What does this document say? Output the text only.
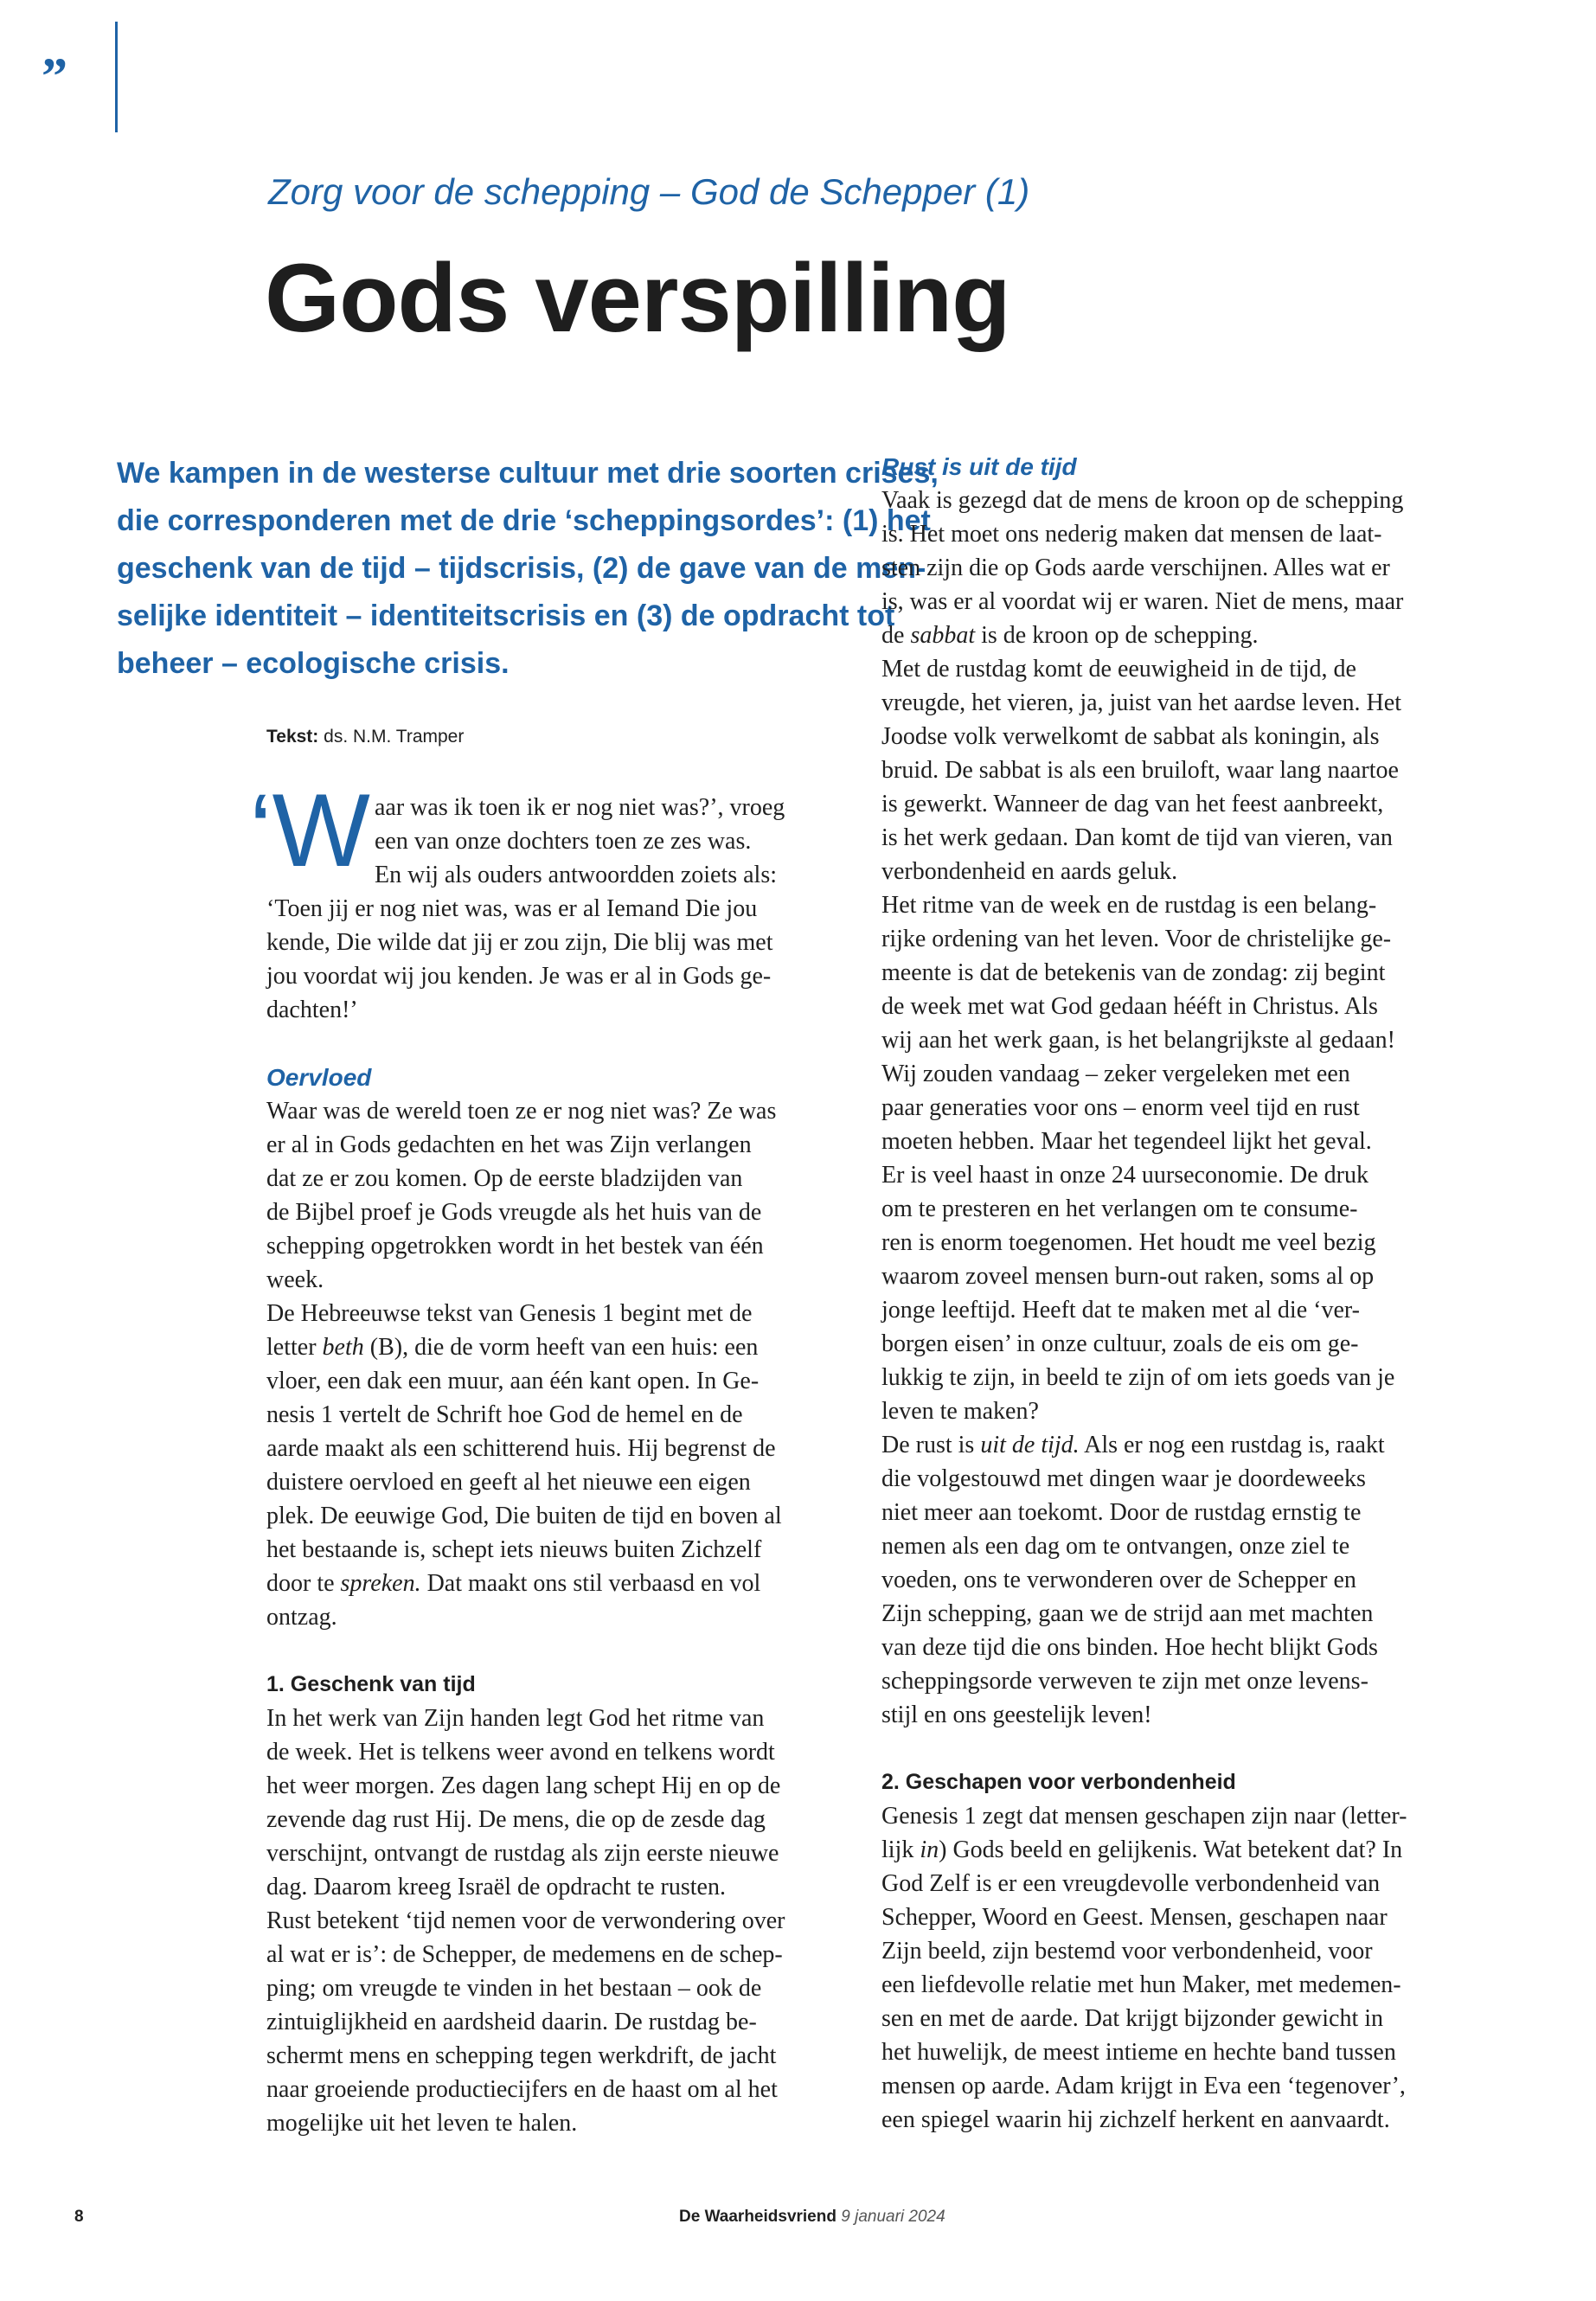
”
Zorg voor de schepping – God de Schepper (1)
Gods verspilling
We kampen in de westerse cultuur met drie soorten crises,
die corresponderen met de drie ‘scheppingsordes’: (1) het
geschenk van de tijd – tijdscrisis, (2) de gave van de men-
selijke identiteit – identiteitscrisis en (3) de opdracht tot
beheer – ecologische crisis.
Tekst: ds. N.M. Tramper
‘W aar was ik toen ik er nog niet was?’, vroeg
een van onze dochters toen ze zes was.
En wij als ouders antwoordden zoiets als:
‘Toen jij er nog niet was, was er al Iemand Die jou
kende, Die wilde dat jij er zou zijn, Die blij was met
jou voordat wij jou kenden. Je was er al in Gods ge-
dachten!’
Oervloed
Waar was de wereld toen ze er nog niet was? Ze was
er al in Gods gedachten en het was Zijn verlangen
dat ze er zou komen. Op de eerste bladzijden van
de Bijbel proef je Gods vreugde als het huis van de
schepping opgetrokken wordt in het bestek van één
week.
De Hebreeuwse tekst van Genesis 1 begint met de
letter beth (B), die de vorm heeft van een huis: een
vloer, een dak een muur, aan één kant open. In Ge-
nesis 1 vertelt de Schrift hoe God de hemel en de
aarde maakt als een schitterend huis. Hij begrenst de
duistere oervloed en geeft al het nieuwe een eigen
plek. De eeuwige God, Die buiten de tijd en boven al
het bestaande is, schept iets nieuws buiten Zichzelf
door te spreken. Dat maakt ons stil verbaasd en vol
ontzag.
1. Geschenk van tijd
In het werk van Zijn handen legt God het ritme van
de week. Het is telkens weer avond en telkens wordt
het weer morgen. Zes dagen lang schept Hij en op de
zevende dag rust Hij. De mens, die op de zesde dag
verschijnt, ontvangt de rustdag als zijn eerste nieuwe
dag. Daarom kreeg Israël de opdracht te rusten.
Rust betekent ‘tijd nemen voor de verwondering over
al wat er is’: de Schepper, de medemens en de schep-
ping; om vreugde te vinden in het bestaan – ook de
zintuiglijkheid en aardsheid daarin. De rustdag be-
schermt mens en schepping tegen werkdrift, de jacht
naar groeiende productiecijfers en de haast om al het
mogelijke uit het leven te halen.
Rust is uit de tijd
Vaak is gezegd dat de mens de kroon op de schepping
is. Het moet ons nederig maken dat mensen de laat-
sten zijn die op Gods aarde verschijnen. Alles wat er
is, was er al voordat wij er waren. Niet de mens, maar
de sabbat is de kroon op de schepping.
Met de rustdag komt de eeuwigheid in de tijd, de
vreugde, het vieren, ja, juist van het aardse leven. Het
Joodse volk verwelkomt de sabbat als koningin, als
bruid. De sabbat is als een bruiloft, waar lang naartoe
is gewerkt. Wanneer de dag van het feest aanbreekt,
is het werk gedaan. Dan komt de tijd van vieren, van
verbondenheid en aards geluk.
Het ritme van de week en de rustdag is een belang-
rijke ordening van het leven. Voor de christelijke ge-
meente is dat de betekenis van de zondag: zij begint
de week met wat God gedaan hééft in Christus. Als
wij aan het werk gaan, is het belangrijkste al gedaan!
Wij zouden vandaag – zeker vergeleken met een
paar generaties voor ons – enorm veel tijd en rust
moeten hebben. Maar het tegendeel lijkt het geval.
Er is veel haast in onze 24 uurseconomie. De druk
om te presteren en het verlangen om te consume-
ren is enorm toegenomen. Het houdt me veel bezig
waarom zoveel mensen burn-out raken, soms al op
jonge leeftijd. Heeft dat te maken met al die ‘ver-
borgen eisen’ in onze cultuur, zoals de eis om ge-
lukkig te zijn, in beeld te zijn of om iets goeds van je
leven te maken?
De rust is uit de tijd. Als er nog een rustdag is, raakt
die volgestouwd met dingen waar je doordeweeks
niet meer aan toekomt. Door de rustdag ernstig te
nemen als een dag om te ontvangen, onze ziel te
voeden, ons te verwonderen over de Schepper en
Zijn schepping, gaan we de strijd aan met machten
van deze tijd die ons binden. Hoe hecht blijkt Gods
scheppingsorde verweven te zijn met onze levens-
stijl en ons geestelijk leven!
2. Geschapen voor verbondenheid
Genesis 1 zegt dat mensen geschapen zijn naar (letter-
lijk in) Gods beeld en gelijkenis. Wat betekent dat? In
God Zelf is er een vreugdevolle verbondenheid van
Schepper, Woord en Geest. Mensen, geschapen naar
Zijn beeld, zijn bestemd voor verbondenheid, voor
een liefdevolle relatie met hun Maker, met medemen-
sen en met de aarde. Dat krijgt bijzonder gewicht in
het huwelijk, de meest intieme en hechte band tussen
mensen op aarde. Adam krijgt in Eva een ‘tegenover’,
een spiegel waarin hij zichzelf herkent en aanvaardt.
8	De Waarheidsvriend 9 januari 2024
